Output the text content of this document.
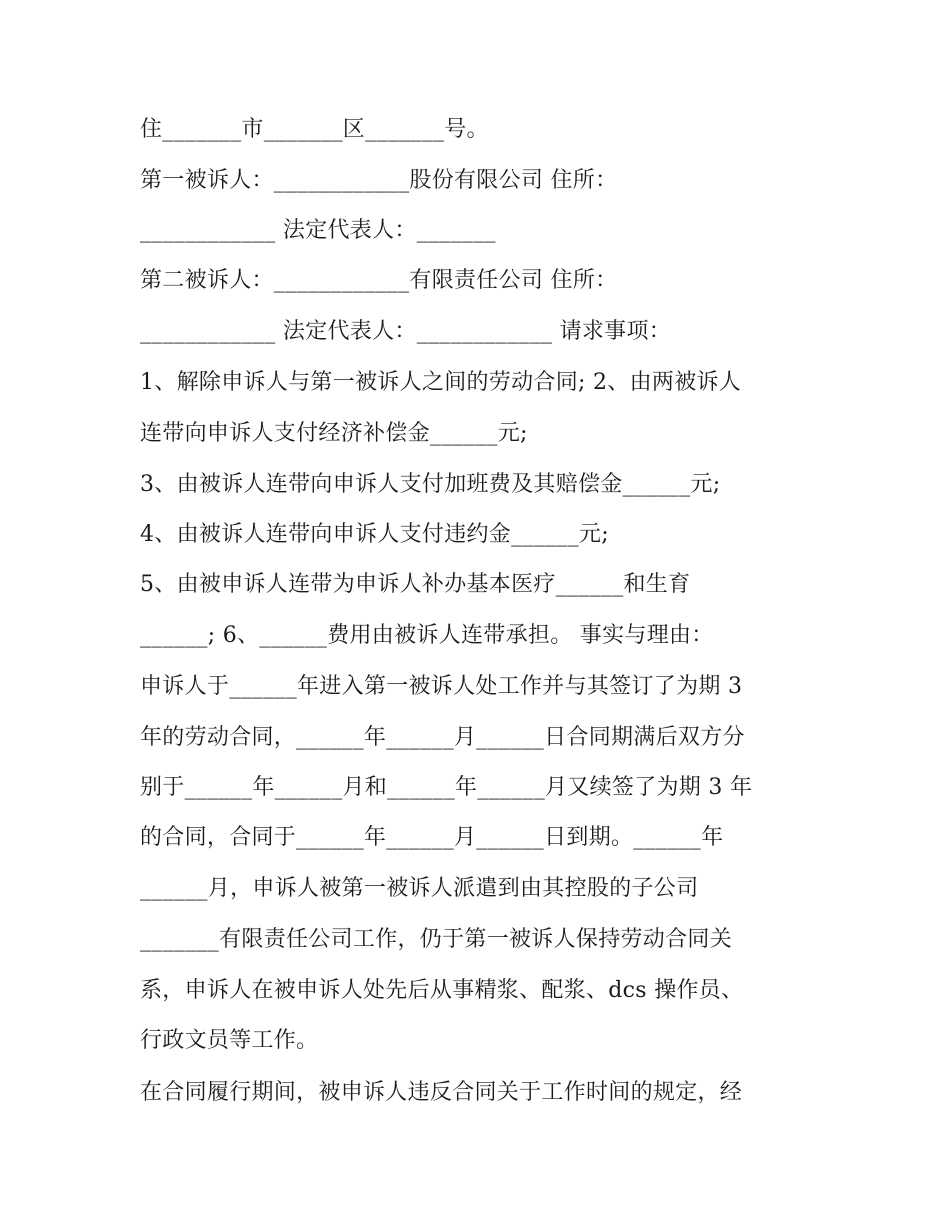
住_______市_______区_______号。
第一被诉人：____________股份有限公司 住所：
____________ 法定代表人：_______
第二被诉人：____________有限责任公司 住所：
____________ 法定代表人：____________ 请求事项：
1、解除申诉人与第一被诉人之间的劳动合同; 2、由两被诉人
连带向申诉人支付经济补偿金______元;
3、由被诉人连带向申诉人支付加班费及其赔偿金______元;
4、由被诉人连带向申诉人支付违约金______元;
5、由被申诉人连带为申诉人补办基本医疗______和生育
______; 6、______费用由被诉人连带承担。 事实与理由：
申诉人于______年进入第一被诉人处工作并与其签订了为期 3
年的劳动合同，______年______月______日合同期满后双方分
别于______年______月和______年______月又续签了为期 3 年
的合同，合同于______年______月______日到期。______年
______月，申诉人被第一被诉人派遣到由其控股的子公司
_______有限责任公司工作，仍于第一被诉人保持劳动合同关
系，申诉人在被申诉人处先后从事精浆、配浆、dcs 操作员、
行政文员等工作。
在合同履行期间，被申诉人违反合同关于工作时间的规定，经
